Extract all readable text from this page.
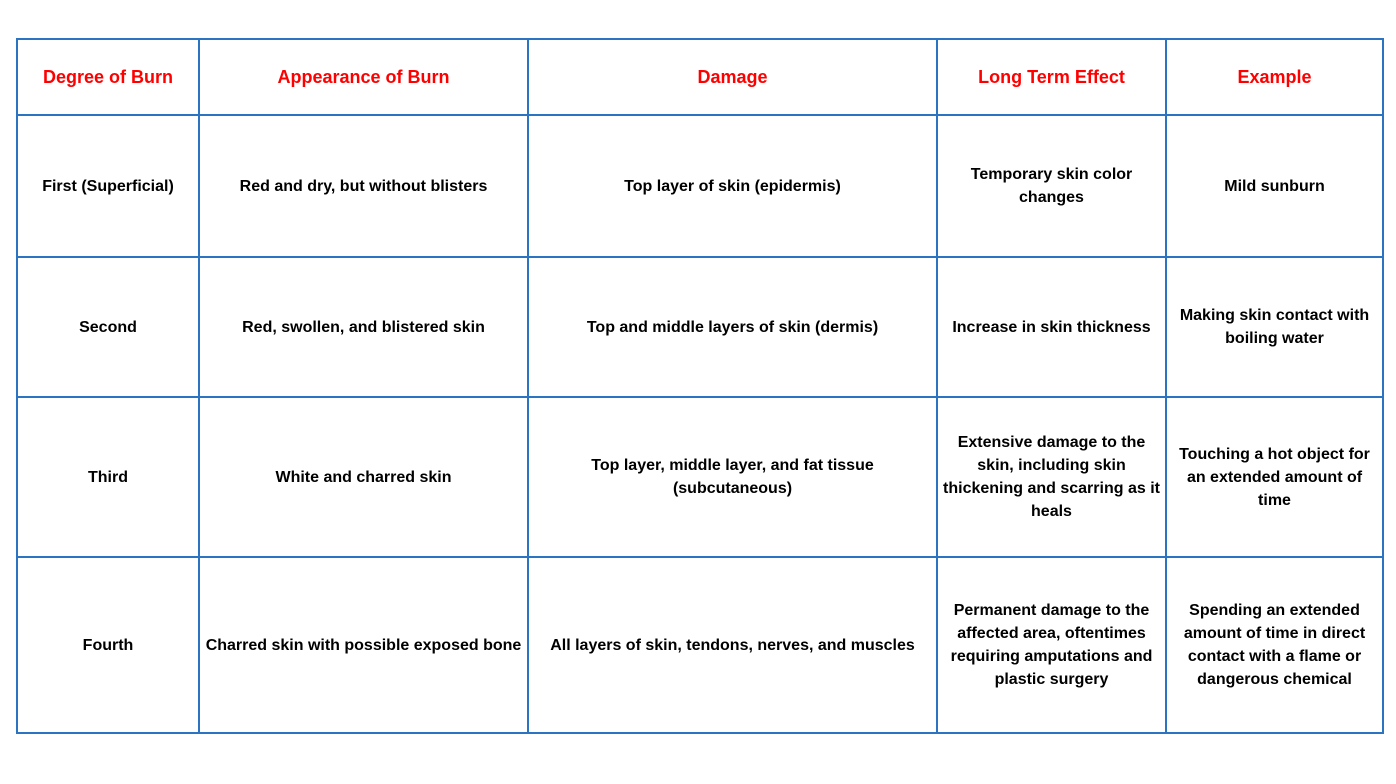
Degree of Burn	Appearance of Burn	Damage	Long Term Effect	Example
First (Superficial)	Red and dry, but without blisters	Top layer of skin (epidermis)	Temporary skin color changes	Mild sunburn
Second	Red, swollen, and blistered skin	Top and middle layers of skin (dermis)	Increase in skin thickness	Making skin contact with boiling water
Third	White and charred skin	Top layer, middle layer, and fat tissue (subcutaneous)	Extensive damage to the skin, including skin thickening and scarring as it heals	Touching a hot object for an extended amount of time
Fourth	Charred skin with possible exposed bone	All layers of skin, tendons, nerves, and muscles	Permanent damage to the affected area, oftentimes requiring amputations and plastic surgery	Spending an extended amount of time in direct contact with a flame or dangerous chemical
